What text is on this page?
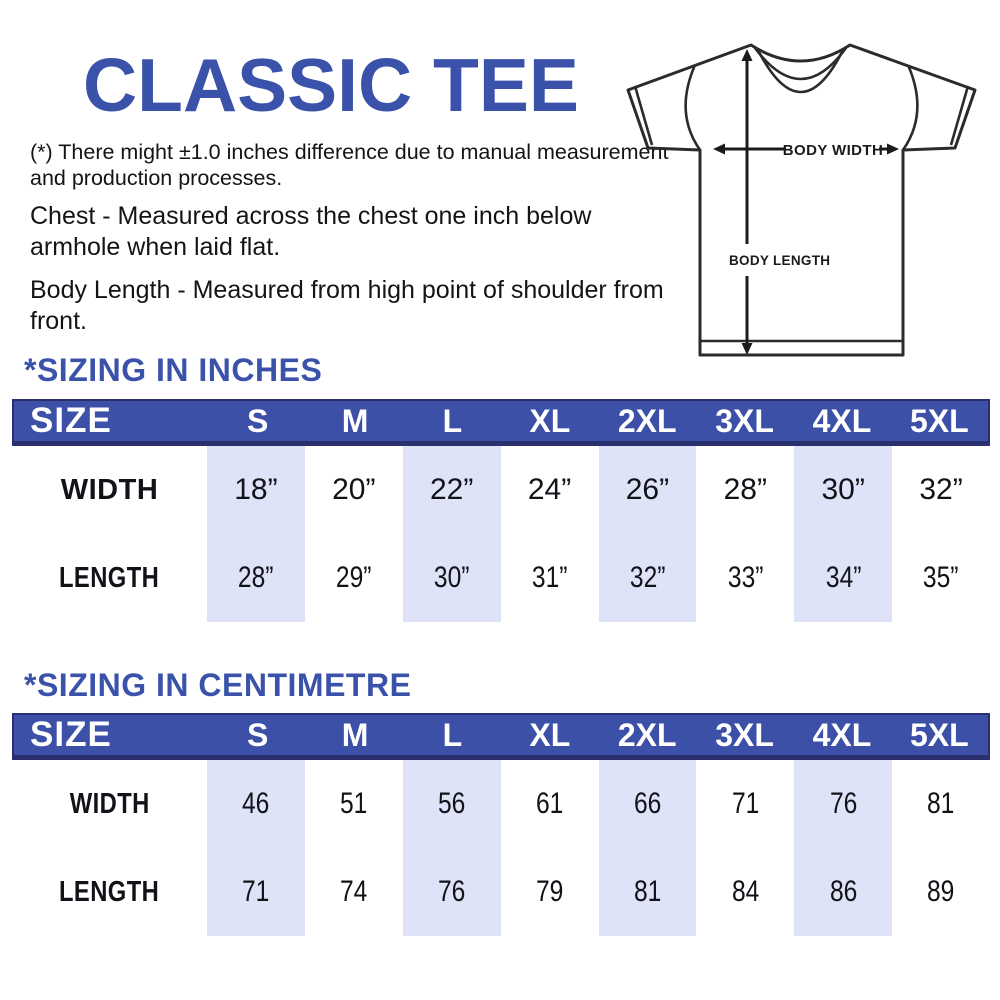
CLASSIC TEE

(*) There might ±1.0 inches difference due to manual measurement and production processes.

Chest - Measured across the chest one inch below armhole when laid flat.

Body Length - Measured from high point of shoulder from front.

BODY LENGTH
BODY WIDTH
*SIZING IN INCHES
SIZE	S	M	L	XL	2XL	3XL	4XL	5XL
WIDTH	18” 20” 22” 24” 26” 28” 30” 32”
LENGTH	28” 29” 30” 31” 32” 33” 34” 35”
*SIZING IN CENTIMETRE
SIZE	S	M	L	XL	2XL	3XL	4XL	5XL
WIDTH	46 51 56 61 66 71 76 81
LENGTH	71 74 76 79 81 84 86 89
